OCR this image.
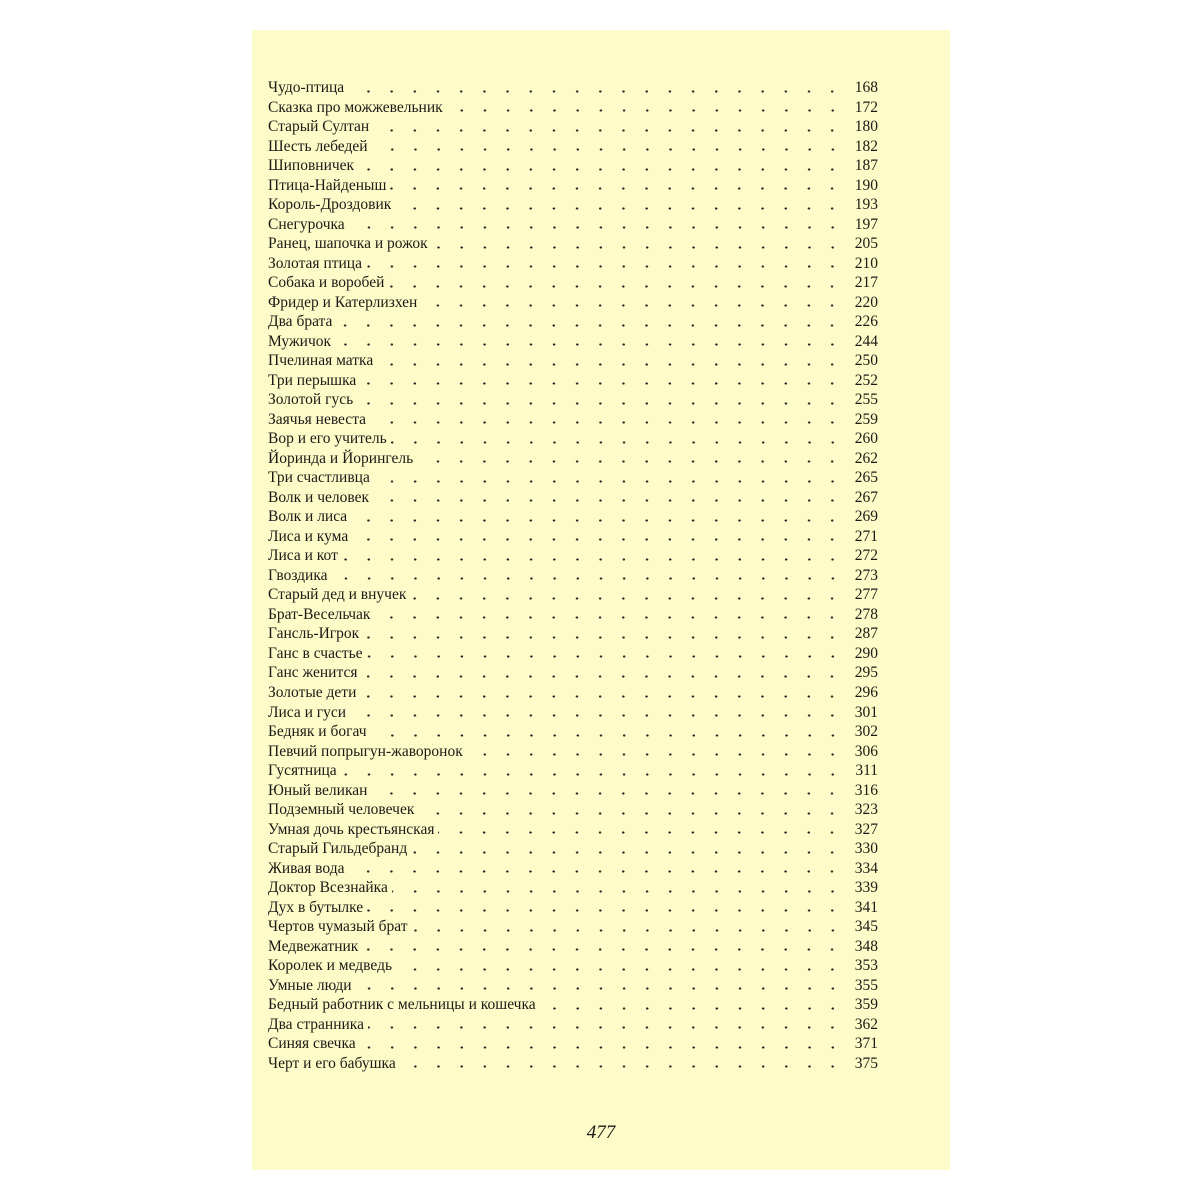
Чудо-птица	168
Сказка про можжевельник	172
Старый Султан	180
Шесть лебедей	182
Шиповничек	187
Птица-Найденыш	190
Король-Дроздовик	193
Снегурочка	197
Ранец, шапочка и рожок	205
Золотая птица	210
Собака и воробей	217
Фридер и Катерлизхен	220
Два брата	226
Мужичок	244
Пчелиная матка	250
Три перышка	252
Золотой гусь	255
Заячья невеста	259
Вор и его учитель	260
Йоринда и Йорингель	262
Три счастливца	265
Волк и человек	267
Волк и лиса	269
Лиса и кума	271
Лиса и кот	272
Гвоздика	273
Старый дед и внучек	277
Брат-Весельчак	278
Гансль-Игрок	287
Ганс в счастье	290
Ганс женится	295
Золотые дети	296
Лиса и гуси	301
Бедняк и богач	302
Певчий попрыгун-жаворонок	306
Гусятница	311
Юный великан	316
Подземный человечек	323
Умная дочь крестьянская	327
Старый Гильдебранд	330
Живая вода	334
Доктор Всезнайка	339
Дух в бутылке	341
Чертов чумазый брат	345
Медвежатник	348
Королек и медведь	353
Умные люди	355
Бедный работник с мельницы и кошечка	359
Два странника	362
Синяя свечка	371
Черт и его бабушка	375
477
